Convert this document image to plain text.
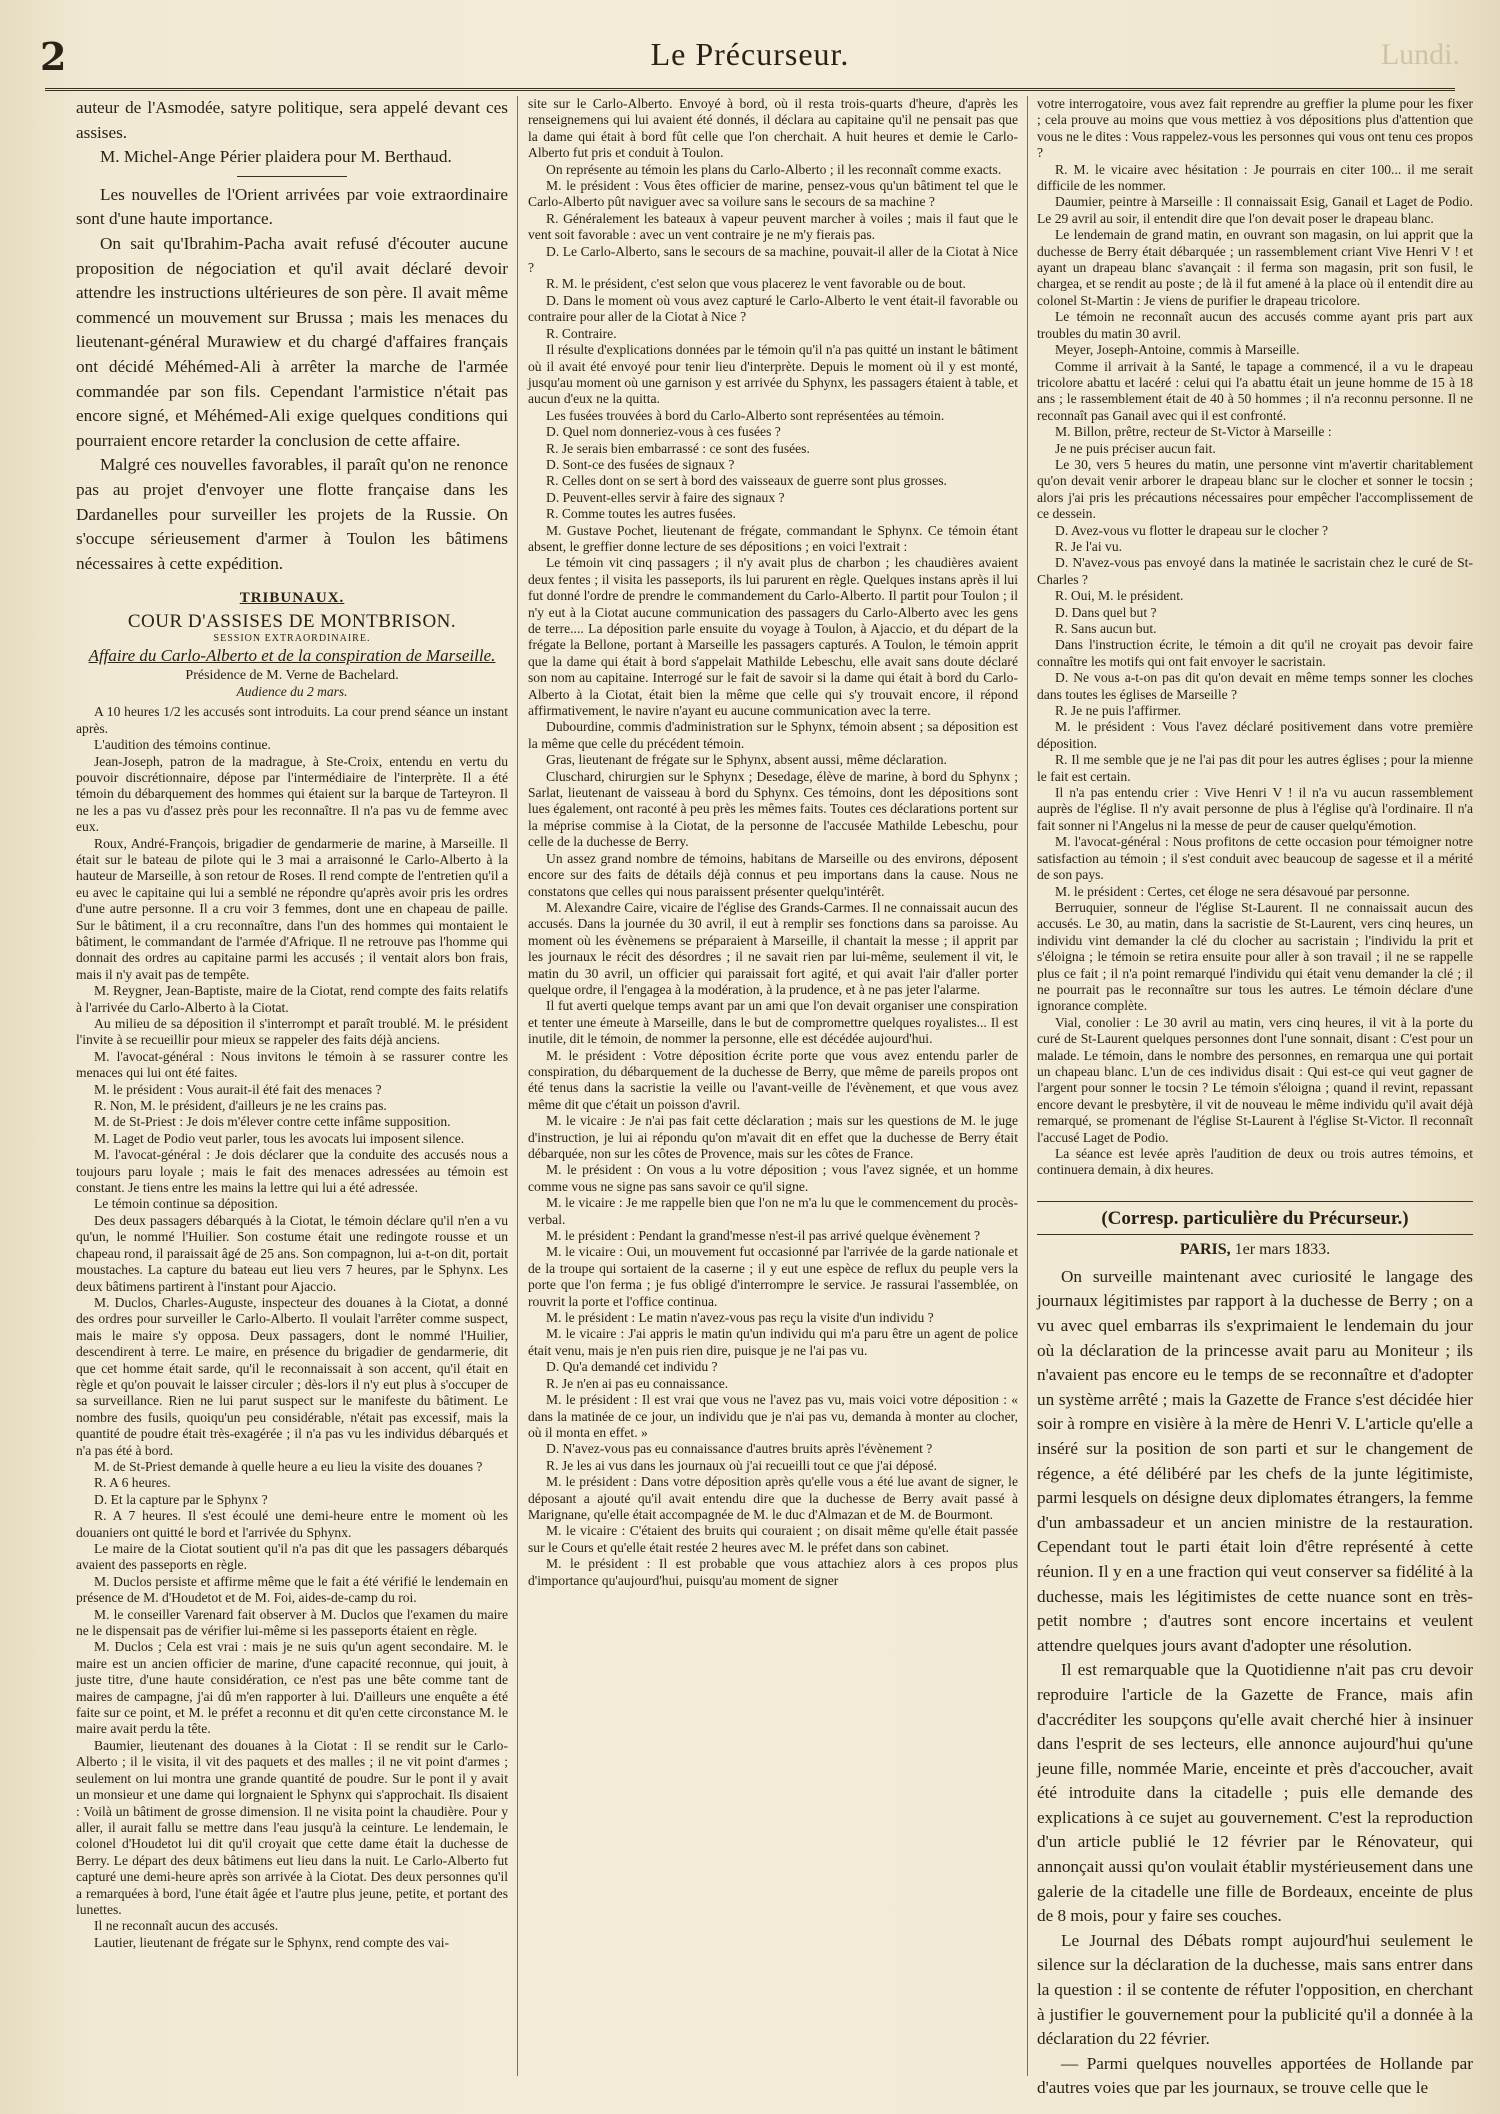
2	Le Précurseur.	Lundi.

auteur de l'Asmodée, satyre politique, sera appelé devant ces assises.

M. Michel-Ange Périer plaidera pour M. Berthaud.

Les nouvelles de l'Orient arrivées par voie extraordinaire sont d'une haute importance.

On sait qu'Ibrahim-Pacha avait refusé d'écouter aucune proposition de négociation et qu'il avait déclaré devoir attendre les instructions ultérieures de son père. Il avait même commencé un mouvement sur Brussa ; mais les menaces du lieutenant-général Murawiew et du chargé d'affaires français ont décidé Méhémed-Ali à arrêter la marche de l'armée commandée par son fils. Cependant l'armistice n'était pas encore signé, et Méhémed-Ali exige quelques conditions qui pourraient encore retarder la conclusion de cette affaire.

Malgré ces nouvelles favorables, il paraît qu'on ne renonce pas au projet d'envoyer une flotte française dans les Dardanelles pour surveiller les projets de la Russie. On s'occupe sérieusement d'armer à Toulon les bâtimens nécessaires à cette expédition.

TRIBUNAUX.
COUR D'ASSISES DE MONTBRISON.
SESSION EXTRAORDINAIRE.
Affaire du Carlo-Alberto et de la conspiration de Marseille.
Présidence de M. Verne de Bachelard.
Audience du 2 mars.

A 10 heures 1/2 les accusés sont introduits. La cour prend séance un instant après.

L'audition des témoins continue.

Jean-Joseph, patron de la madrague, à Ste-Croix, entendu en vertu du pouvoir discrétionnaire, dépose par l'intermédiaire de l'interprète. Il a été témoin du débarquement des hommes qui étaient sur la barque de Tarteyron. Il ne les a pas vu d'assez près pour les reconnaître. Il n'a pas vu de femme avec eux.

Roux, André-François, brigadier de gendarmerie de marine, à Marseille. Il était sur le bateau de pilote qui le 3 mai a arraisonné le Carlo-Alberto à la hauteur de Marseille, à son retour de Roses. Il rend compte de l'entretien qu'il a eu avec le capitaine qui lui a semblé ne répondre qu'après avoir pris les ordres d'une autre personne. Il a cru voir 3 femmes, dont une en chapeau de paille. Sur le bâtiment, il a cru reconnaître, dans l'un des hommes qui montaient le bâtiment, le commandant de l'armée d'Afrique. Il ne retrouve pas l'homme qui donnait des ordres au capitaine parmi les accusés ; il ventait alors bon frais, mais il n'y avait pas de tempête.

M. Reygner, Jean-Baptiste, maire de la Ciotat, rend compte des faits relatifs à l'arrivée du Carlo-Alberto à la Ciotat.

Au milieu de sa déposition il s'interrompt et paraît troublé. M. le président l'invite à se recueillir pour mieux se rappeler des faits déjà anciens.

M. l'avocat-général : Nous invitons le témoin à se rassurer contre les menaces qui lui ont été faites.

M. le président : Vous aurait-il été fait des menaces ?

R. Non, M. le président, d'ailleurs je ne les crains pas.

M. de St-Priest : Je dois m'élever contre cette infâme supposition.

M. Laget de Podio veut parler, tous les avocats lui imposent silence.

M. l'avocat-général : Je dois déclarer que la conduite des accusés nous a toujours paru loyale ; mais le fait des menaces adressées au témoin est constant. Je tiens entre les mains la lettre qui lui a été adressée.

Le témoin continue sa déposition.

Des deux passagers débarqués à la Ciotat, le témoin déclare qu'il n'en a vu qu'un, le nommé l'Huilier. Son costume était une redingote rousse et un chapeau rond, il paraissait âgé de 25 ans. Son compagnon, lui a-t-on dit, portait moustaches. La capture du bateau eut lieu vers 7 heures, par le Sphynx. Les deux bâtimens partirent à l'instant pour Ajaccio.

M. Duclos, Charles-Auguste, inspecteur des douanes à la Ciotat, a donné des ordres pour surveiller le Carlo-Alberto. Il voulait l'arrêter comme suspect, mais le maire s'y opposa. Deux passagers, dont le nommé l'Huilier, descendirent à terre. Le maire, en présence du brigadier de gendarmerie, dit que cet homme était sarde, qu'il le reconnaissait à son accent, qu'il était en règle et qu'on pouvait le laisser circuler ; dès-lors il n'y eut plus à s'occuper de sa surveillance. Rien ne lui parut suspect sur le manifeste du bâtiment. Le nombre des fusils, quoiqu'un peu considérable, n'était pas excessif, mais la quantité de poudre était très-exagérée ; il n'a pas vu les individus débarqués et n'a pas été à bord.

M. de St-Priest demande à quelle heure a eu lieu la visite des douanes ?

R. A 6 heures.

D. Et la capture par le Sphynx ?

R. A 7 heures. Il s'est écoulé une demi-heure entre le moment où les douaniers ont quitté le bord et l'arrivée du Sphynx.

Le maire de la Ciotat soutient qu'il n'a pas dit que les passagers débarqués avaient des passeports en règle.

M. Duclos persiste et affirme même que le fait a été vérifié le lendemain en présence de M. d'Houdetot et de M. Foi, aides-de-camp du roi.

M. le conseiller Varenard fait observer à M. Duclos que l'examen du maire ne le dispensait pas de vérifier lui-même si les passeports étaient en règle.

M. Duclos ; Cela est vrai : mais je ne suis qu'un agent secondaire. M. le maire est un ancien officier de marine, d'une capacité reconnue, qui jouit, à juste titre, d'une haute considération, ce n'est pas une bête comme tant de maires de campagne, j'ai dû m'en rapporter à lui. D'ailleurs une enquête a été faite sur ce point, et M. le préfet a reconnu et dit qu'en cette circonstance M. le maire avait perdu la tête.

Baumier, lieutenant des douanes à la Ciotat : Il se rendit sur le Carlo-Alberto ; il le visita, il vit des paquets et des malles ; il ne vit point d'armes ; seulement on lui montra une grande quantité de poudre. Sur le pont il y avait un monsieur et une dame qui lorgnaient le Sphynx qui s'approchait. Ils disaient : Voilà un bâtiment de grosse dimension. Il ne visita point la chaudière. Pour y aller, il aurait fallu se mettre dans l'eau jusqu'à la ceinture. Le lendemain, le colonel d'Houdetot lui dit qu'il croyait que cette dame était la duchesse de Berry. Le départ des deux bâtimens eut lieu dans la nuit. Le Carlo-Alberto fut capturé une demi-heure après son arrivée à la Ciotat. Des deux personnes qu'il a remarquées à bord, l'une était âgée et l'autre plus jeune, petite, et portant des lunettes.

Il ne reconnaît aucun des accusés.

Lautier, lieutenant de frégate sur le Sphynx, rend compte des vai-

site sur le Carlo-Alberto. Envoyé à bord, où il resta trois-quarts d'heure, d'après les renseignemens qui lui avaient été donnés, il déclara au capitaine qu'il ne pensait pas que la dame qui était à bord fût celle que l'on cherchait. A huit heures et demie le Carlo-Alberto fut pris et conduit à Toulon.

On représente au témoin les plans du Carlo-Alberto ; il les reconnaît comme exacts.

M. le président : Vous êtes officier de marine, pensez-vous qu'un bâtiment tel que le Carlo-Alberto pût naviguer avec sa voilure sans le secours de sa machine ?

R. Généralement les bateaux à vapeur peuvent marcher à voiles ; mais il faut que le vent soit favorable : avec un vent contraire je ne m'y fierais pas.

D. Le Carlo-Alberto, sans le secours de sa machine, pouvait-il aller de la Ciotat à Nice ?

R. M. le président, c'est selon que vous placerez le vent favorable ou de bout.

D. Dans le moment où vous avez capturé le Carlo-Alberto le vent était-il favorable ou contraire pour aller de la Ciotat à Nice ?

R. Contraire.

Il résulte d'explications données par le témoin qu'il n'a pas quitté un instant le bâtiment où il avait été envoyé pour tenir lieu d'interprète. Depuis le moment où il y est monté, jusqu'au moment où une garnison y est arrivée du Sphynx, les passagers étaient à table, et aucun d'eux ne la quitta.

Les fusées trouvées à bord du Carlo-Alberto sont représentées au témoin.

D. Quel nom donneriez-vous à ces fusées ?

R. Je serais bien embarrassé : ce sont des fusées.

D. Sont-ce des fusées de signaux ?

R. Celles dont on se sert à bord des vaisseaux de guerre sont plus grosses.

D. Peuvent-elles servir à faire des signaux ?

R. Comme toutes les autres fusées.

M. Gustave Pochet, lieutenant de frégate, commandant le Sphynx. Ce témoin étant absent, le greffier donne lecture de ses dépositions ; en voici l'extrait :

Le témoin vit cinq passagers ; il n'y avait plus de charbon ; les chaudières avaient deux fentes ; il visita les passeports, ils lui parurent en règle. Quelques instans après il lui fut donné l'ordre de prendre le commandement du Carlo-Alberto. Il partit pour Toulon ; il n'y eut à la Ciotat aucune communication des passagers du Carlo-Alberto avec les gens de terre.... La déposition parle ensuite du voyage à Toulon, à Ajaccio, et du départ de la frégate la Bellone, portant à Marseille les passagers capturés. A Toulon, le témoin apprit que la dame qui était à bord s'appelait Mathilde Lebeschu, elle avait sans doute déclaré son nom au capitaine. Interrogé sur le fait de savoir si la dame qui était à bord du Carlo-Alberto à la Ciotat, était bien la même que celle qui s'y trouvait encore, il répond affirmativement, le navire n'ayant eu aucune communication avec la terre.

Dubourdine, commis d'administration sur le Sphynx, témoin absent ; sa déposition est la même que celle du précédent témoin.

Gras, lieutenant de frégate sur le Sphynx, absent aussi, même déclaration.

Cluschard, chirurgien sur le Sphynx ; Desedage, élève de marine, à bord du Sphynx ; Sarlat, lieutenant de vaisseau à bord du Sphynx. Ces témoins, dont les dépositions sont lues également, ont raconté à peu près les mêmes faits. Toutes ces déclarations portent sur la méprise commise à la Ciotat, de la personne de l'accusée Mathilde Lebeschu, pour celle de la duchesse de Berry.

Un assez grand nombre de témoins, habitans de Marseille ou des environs, déposent encore sur des faits de détails déjà connus et peu importans dans la cause. Nous ne constatons que celles qui nous paraissent présenter quelqu'intérêt.

M. Alexandre Caire, vicaire de l'église des Grands-Carmes. Il ne connaissait aucun des accusés. Dans la journée du 30 avril, il eut à remplir ses fonctions dans sa paroisse. Au moment où les évènemens se préparaient à Marseille, il chantait la messe ; il apprit par les journaux le récit des désordres ; il ne savait rien par lui-même, seulement il vit, le matin du 30 avril, un officier qui paraissait fort agité, et qui avait l'air d'aller porter quelque ordre, il l'engagea à la modération, à la prudence, et à ne pas jeter l'alarme.

Il fut averti quelque temps avant par un ami que l'on devait organiser une conspiration et tenter une émeute à Marseille, dans le but de compromettre quelques royalistes... Il est inutile, dit le témoin, de nommer la personne, elle est décédée aujourd'hui.

M. le président : Votre déposition écrite porte que vous avez entendu parler de conspiration, du débarquement de la duchesse de Berry, que même de pareils propos ont été tenus dans la sacristie la veille ou l'avant-veille de l'évènement, et que vous avez même dit que c'était un poisson d'avril.

M. le vicaire : Je n'ai pas fait cette déclaration ; mais sur les questions de M. le juge d'instruction, je lui ai répondu qu'on m'avait dit en effet que la duchesse de Berry était débarquée, non sur les côtes de Provence, mais sur les côtes de France.

M. le président : On vous a lu votre déposition ; vous l'avez signée, et un homme comme vous ne signe pas sans savoir ce qu'il signe.

M. le vicaire : Je me rappelle bien que l'on ne m'a lu que le commencement du procès-verbal.

M. le président : Pendant la grand'messe n'est-il pas arrivé quelque évènement ?

M. le vicaire : Oui, un mouvement fut occasionné par l'arrivée de la garde nationale et de la troupe qui sortaient de la caserne ; il y eut une espèce de reflux du peuple vers la porte que l'on ferma ; je fus obligé d'interrompre le service. Je rassurai l'assemblée, on rouvrit la porte et l'office continua.

M. le président : Le matin n'avez-vous pas reçu la visite d'un individu ?

M. le vicaire : J'ai appris le matin qu'un individu qui m'a paru être un agent de police était venu, mais je n'en puis rien dire, puisque je ne l'ai pas vu.

D. Qu'a demandé cet individu ?

R. Je n'en ai pas eu connaissance.

M. le président : Il est vrai que vous ne l'avez pas vu, mais voici votre déposition : « dans la matinée de ce jour, un individu que je n'ai pas vu, demanda à monter au clocher, où il monta en effet. »

D. N'avez-vous pas eu connaissance d'autres bruits après l'évènement ?

R. Je les ai vus dans les journaux où j'ai recueilli tout ce que j'ai déposé.

M. le président : Dans votre déposition après qu'elle vous a été lue avant de signer, le déposant a ajouté qu'il avait entendu dire que la duchesse de Berry avait passé à Marignane, qu'elle était accompagnée de M. le duc d'Almazan et de M. de Bourmont.

M. le vicaire : C'étaient des bruits qui couraient ; on disait même qu'elle était passée sur le Cours et qu'elle était restée 2 heures avec M. le préfet dans son cabinet.

M. le président : Il est probable que vous attachiez alors à ces propos plus d'importance qu'aujourd'hui, puisqu'au moment de signer

votre interrogatoire, vous avez fait reprendre au greffier la plume pour les fixer ; cela prouve au moins que vous mettiez à vos dépositions plus d'attention que vous ne le dites : Vous rappelez-vous les personnes qui vous ont tenu ces propos ?

R. M. le vicaire avec hésitation : Je pourrais en citer 100... il me serait difficile de les nommer.

Daumier, peintre à Marseille : Il connaissait Esig, Ganail et Laget de Podio. Le 29 avril au soir, il entendit dire que l'on devait poser le drapeau blanc.

Le lendemain de grand matin, en ouvrant son magasin, on lui apprit que la duchesse de Berry était débarquée ; un rassemblement criant Vive Henri V ! et ayant un drapeau blanc s'avançait : il ferma son magasin, prit son fusil, le chargea, et se rendit au poste ; de là il fut amené à la place où il entendit dire au colonel St-Martin : Je viens de purifier le drapeau tricolore.

Le témoin ne reconnaît aucun des accusés comme ayant pris part aux troubles du matin 30 avril.

Meyer, Joseph-Antoine, commis à Marseille.

Comme il arrivait à la Santé, le tapage a commencé, il a vu le drapeau tricolore abattu et lacéré : celui qui l'a abattu était un jeune homme de 15 à 18 ans ; le rassemblement était de 40 à 50 hommes ; il n'a reconnu personne. Il ne reconnaît pas Ganail avec qui il est confronté.

M. Billon, prêtre, recteur de St-Victor à Marseille :

Je ne puis préciser aucun fait.

Le 30, vers 5 heures du matin, une personne vint m'avertir charitablement qu'on devait venir arborer le drapeau blanc sur le clocher et sonner le tocsin ; alors j'ai pris les précautions nécessaires pour empêcher l'accomplissement de ce dessein.

D. Avez-vous vu flotter le drapeau sur le clocher ?

R. Je l'ai vu.

D. N'avez-vous pas envoyé dans la matinée le sacristain chez le curé de St-Charles ?

R. Oui, M. le président.

D. Dans quel but ?

R. Sans aucun but.

Dans l'instruction écrite, le témoin a dit qu'il ne croyait pas devoir faire connaître les motifs qui ont fait envoyer le sacristain.

D. Ne vous a-t-on pas dit qu'on devait en même temps sonner les cloches dans toutes les églises de Marseille ?

R. Je ne puis l'affirmer.

M. le président : Vous l'avez déclaré positivement dans votre première déposition.

R. Il me semble que je ne l'ai pas dit pour les autres églises ; pour la mienne le fait est certain.

Il n'a pas entendu crier : Vive Henri V ! il n'a vu aucun rassemblement auprès de l'église. Il n'y avait personne de plus à l'église qu'à l'ordinaire. Il n'a fait sonner ni l'Angelus ni la messe de peur de causer quelqu'émotion.

M. l'avocat-général : Nous profitons de cette occasion pour témoigner notre satisfaction au témoin ; il s'est conduit avec beaucoup de sagesse et il a mérité de son pays.

M. le président : Certes, cet éloge ne sera désavoué par personne.

Berruquier, sonneur de l'église St-Laurent. Il ne connaissait aucun des accusés. Le 30, au matin, dans la sacristie de St-Laurent, vers cinq heures, un individu vint demander la clé du clocher au sacristain ; l'individu la prit et s'éloigna ; le témoin se retira ensuite pour aller à son travail ; il ne se rappelle plus ce fait ; il n'a point remarqué l'individu qui était venu demander la clé ; il ne pourrait pas le reconnaître sur tous les autres. Le témoin déclare d'une ignorance complète.

Vial, conolier : Le 30 avril au matin, vers cinq heures, il vit à la porte du curé de St-Laurent quelques personnes dont l'une sonnait, disant : C'est pour un malade. Le témoin, dans le nombre des personnes, en remarqua une qui portait un chapeau blanc. L'un de ces individus disait : Qui est-ce qui veut gagner de l'argent pour sonner le tocsin ? Le témoin s'éloigna ; quand il revint, repassant encore devant le presbytère, il vit de nouveau le même individu qu'il avait déjà remarqué, se promenant de l'église St-Laurent à l'église St-Victor. Il reconnaît l'accusé Laget de Podio.

La séance est levée après l'audition de deux ou trois autres témoins, et continuera demain, à dix heures.

(Corresp. particulière du Précurseur.)
PARIS, 1er mars 1833.

On surveille maintenant avec curiosité le langage des journaux légitimistes par rapport à la duchesse de Berry ; on a vu avec quel embarras ils s'exprimaient le lendemain du jour où la déclaration de la princesse avait paru au Moniteur ; ils n'avaient pas encore eu le temps de se reconnaître et d'adopter un système arrêté ; mais la Gazette de France s'est décidée hier soir à rompre en visière à la mère de Henri V. L'article qu'elle a inséré sur la position de son parti et sur le changement de régence, a été délibéré par les chefs de la junte légitimiste, parmi lesquels on désigne deux diplomates étrangers, la femme d'un ambassadeur et un ancien ministre de la restauration. Cependant tout le parti était loin d'être représenté à cette réunion. Il y en a une fraction qui veut conserver sa fidélité à la duchesse, mais les légitimistes de cette nuance sont en très-petit nombre ; d'autres sont encore incertains et veulent attendre quelques jours avant d'adopter une résolution.

Il est remarquable que la Quotidienne n'ait pas cru devoir reproduire l'article de la Gazette de France, mais afin d'accréditer les soupçons qu'elle avait cherché hier à insinuer dans l'esprit de ses lecteurs, elle annonce aujourd'hui qu'une jeune fille, nommée Marie, enceinte et près d'accoucher, avait été introduite dans la citadelle ; puis elle demande des explications à ce sujet au gouvernement. C'est la reproduction d'un article publié le 12 février par le Rénovateur, qui annonçait aussi qu'on voulait établir mystérieusement dans une galerie de la citadelle une fille de Bordeaux, enceinte de plus de 8 mois, pour y faire ses couches.

Le Journal des Débats rompt aujourd'hui seulement le silence sur la déclaration de la duchesse, mais sans entrer dans la question : il se contente de réfuter l'opposition, en cherchant à justifier le gouvernement pour la publicité qu'il a donnée à la déclaration du 22 février.

— Parmi quelques nouvelles apportées de Hollande par d'autres voies que par les journaux, se trouve celle que le
